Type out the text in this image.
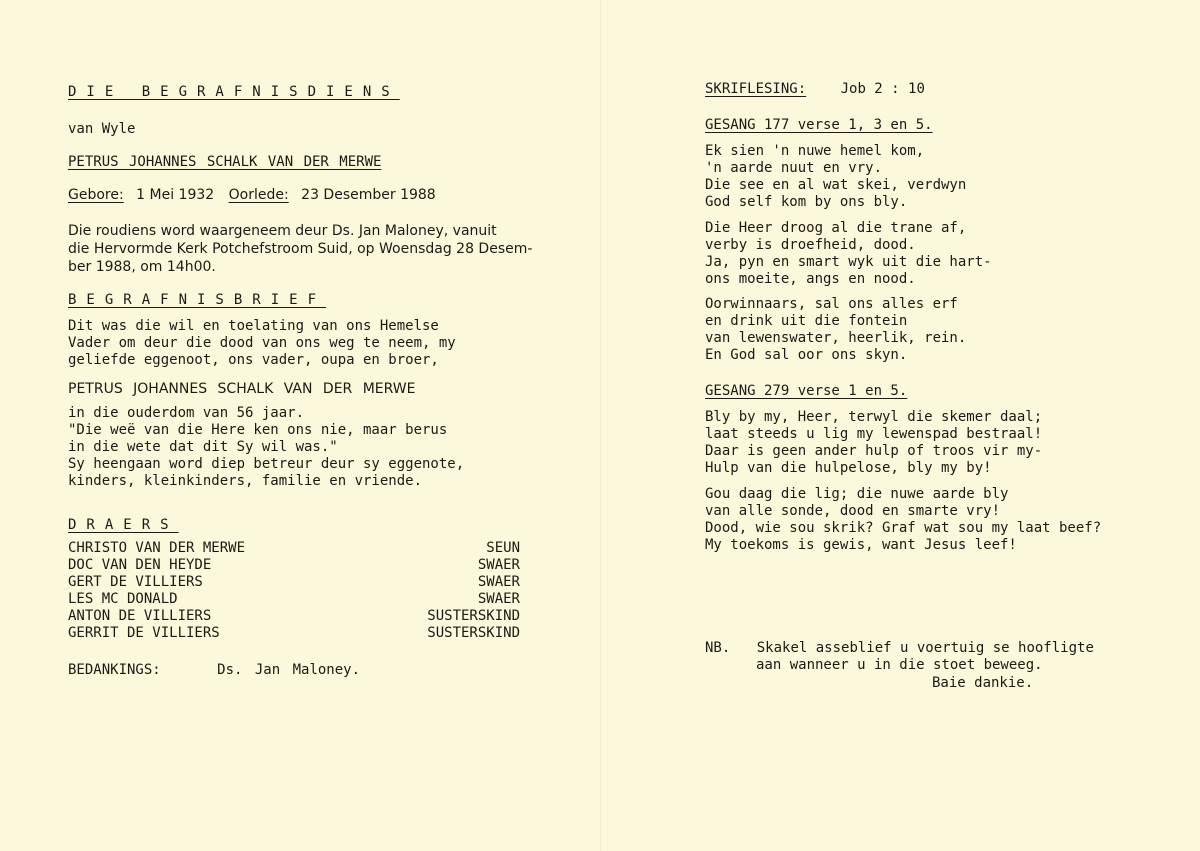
DIE BEGRAFNISDIENS
van Wyle
PETRUS JOHANNES SCHALK VAN DER MERWE
Gebore: 1 Mei 1932 Oorlede: 23 Desember 1988
Die roudiens word waargeneem deur Ds. Jan Maloney, vanuit
die Hervormde Kerk Potchefstroom Suid, op Woensdag 28 Desem-
ber 1988, om 14h00.
BEGRAFNISBRIEF
Dit was die wil en toelating van ons Hemelse
Vader om deur die dood van ons weg te neem, my
geliefde eggenoot, ons vader, oupa en broer,
PETRUS JOHANNES SCHALK VAN DER MERWE
in die ouderdom van 56 jaar.
"Die weë van die Here ken ons nie, maar berus
in die wete dat dit Sy wil was."
Sy heengaan word diep betreur deur sy eggenote,
kinders, kleinkinders, familie en vriende.
DRAERS
CHRISTO VAN DER MERWE	SEUN
DOC VAN DEN HEYDE	SWAER
GERT DE VILLIERS	SWAER
LES MC DONALD	SWAER
ANTON DE VILLIERS	SUSTERSKIND
GERRIT DE VILLIERS	SUSTERSKIND
BEDANKINGS:	Ds. Jan Maloney.
SKRIFLESING: Job 2 : 10
GESANG 177 verse 1, 3 en 5.
Ek sien 'n nuwe hemel kom,
'n aarde nuut en vry.
Die see en al wat skei, verdwyn
God self kom by ons bly.
Die Heer droog al die trane af,
verby is droefheid, dood.
Ja, pyn en smart wyk uit die hart-
ons moeite, angs en nood.
Oorwinnaars, sal ons alles erf
en drink uit die fontein
van lewenswater, heerlik, rein.
En God sal oor ons skyn.
GESANG 279 verse 1 en 5.
Bly by my, Heer, terwyl die skemer daal;
laat steeds u lig my lewenspad bestraal!
Daar is geen ander hulp of troos vir my-
Hulp van die hulpelose, bly my by!
Gou daag die lig; die nuwe aarde bly
van alle sonde, dood en smarte vry!
Dood, wie sou skrik? Graf wat sou my laat beef?
My toekoms is gewis, want Jesus leef!
NB. Skakel asseblief u voertuig se hoofligte
aan wanneer u in die stoet beweeg.
Baie dankie.
